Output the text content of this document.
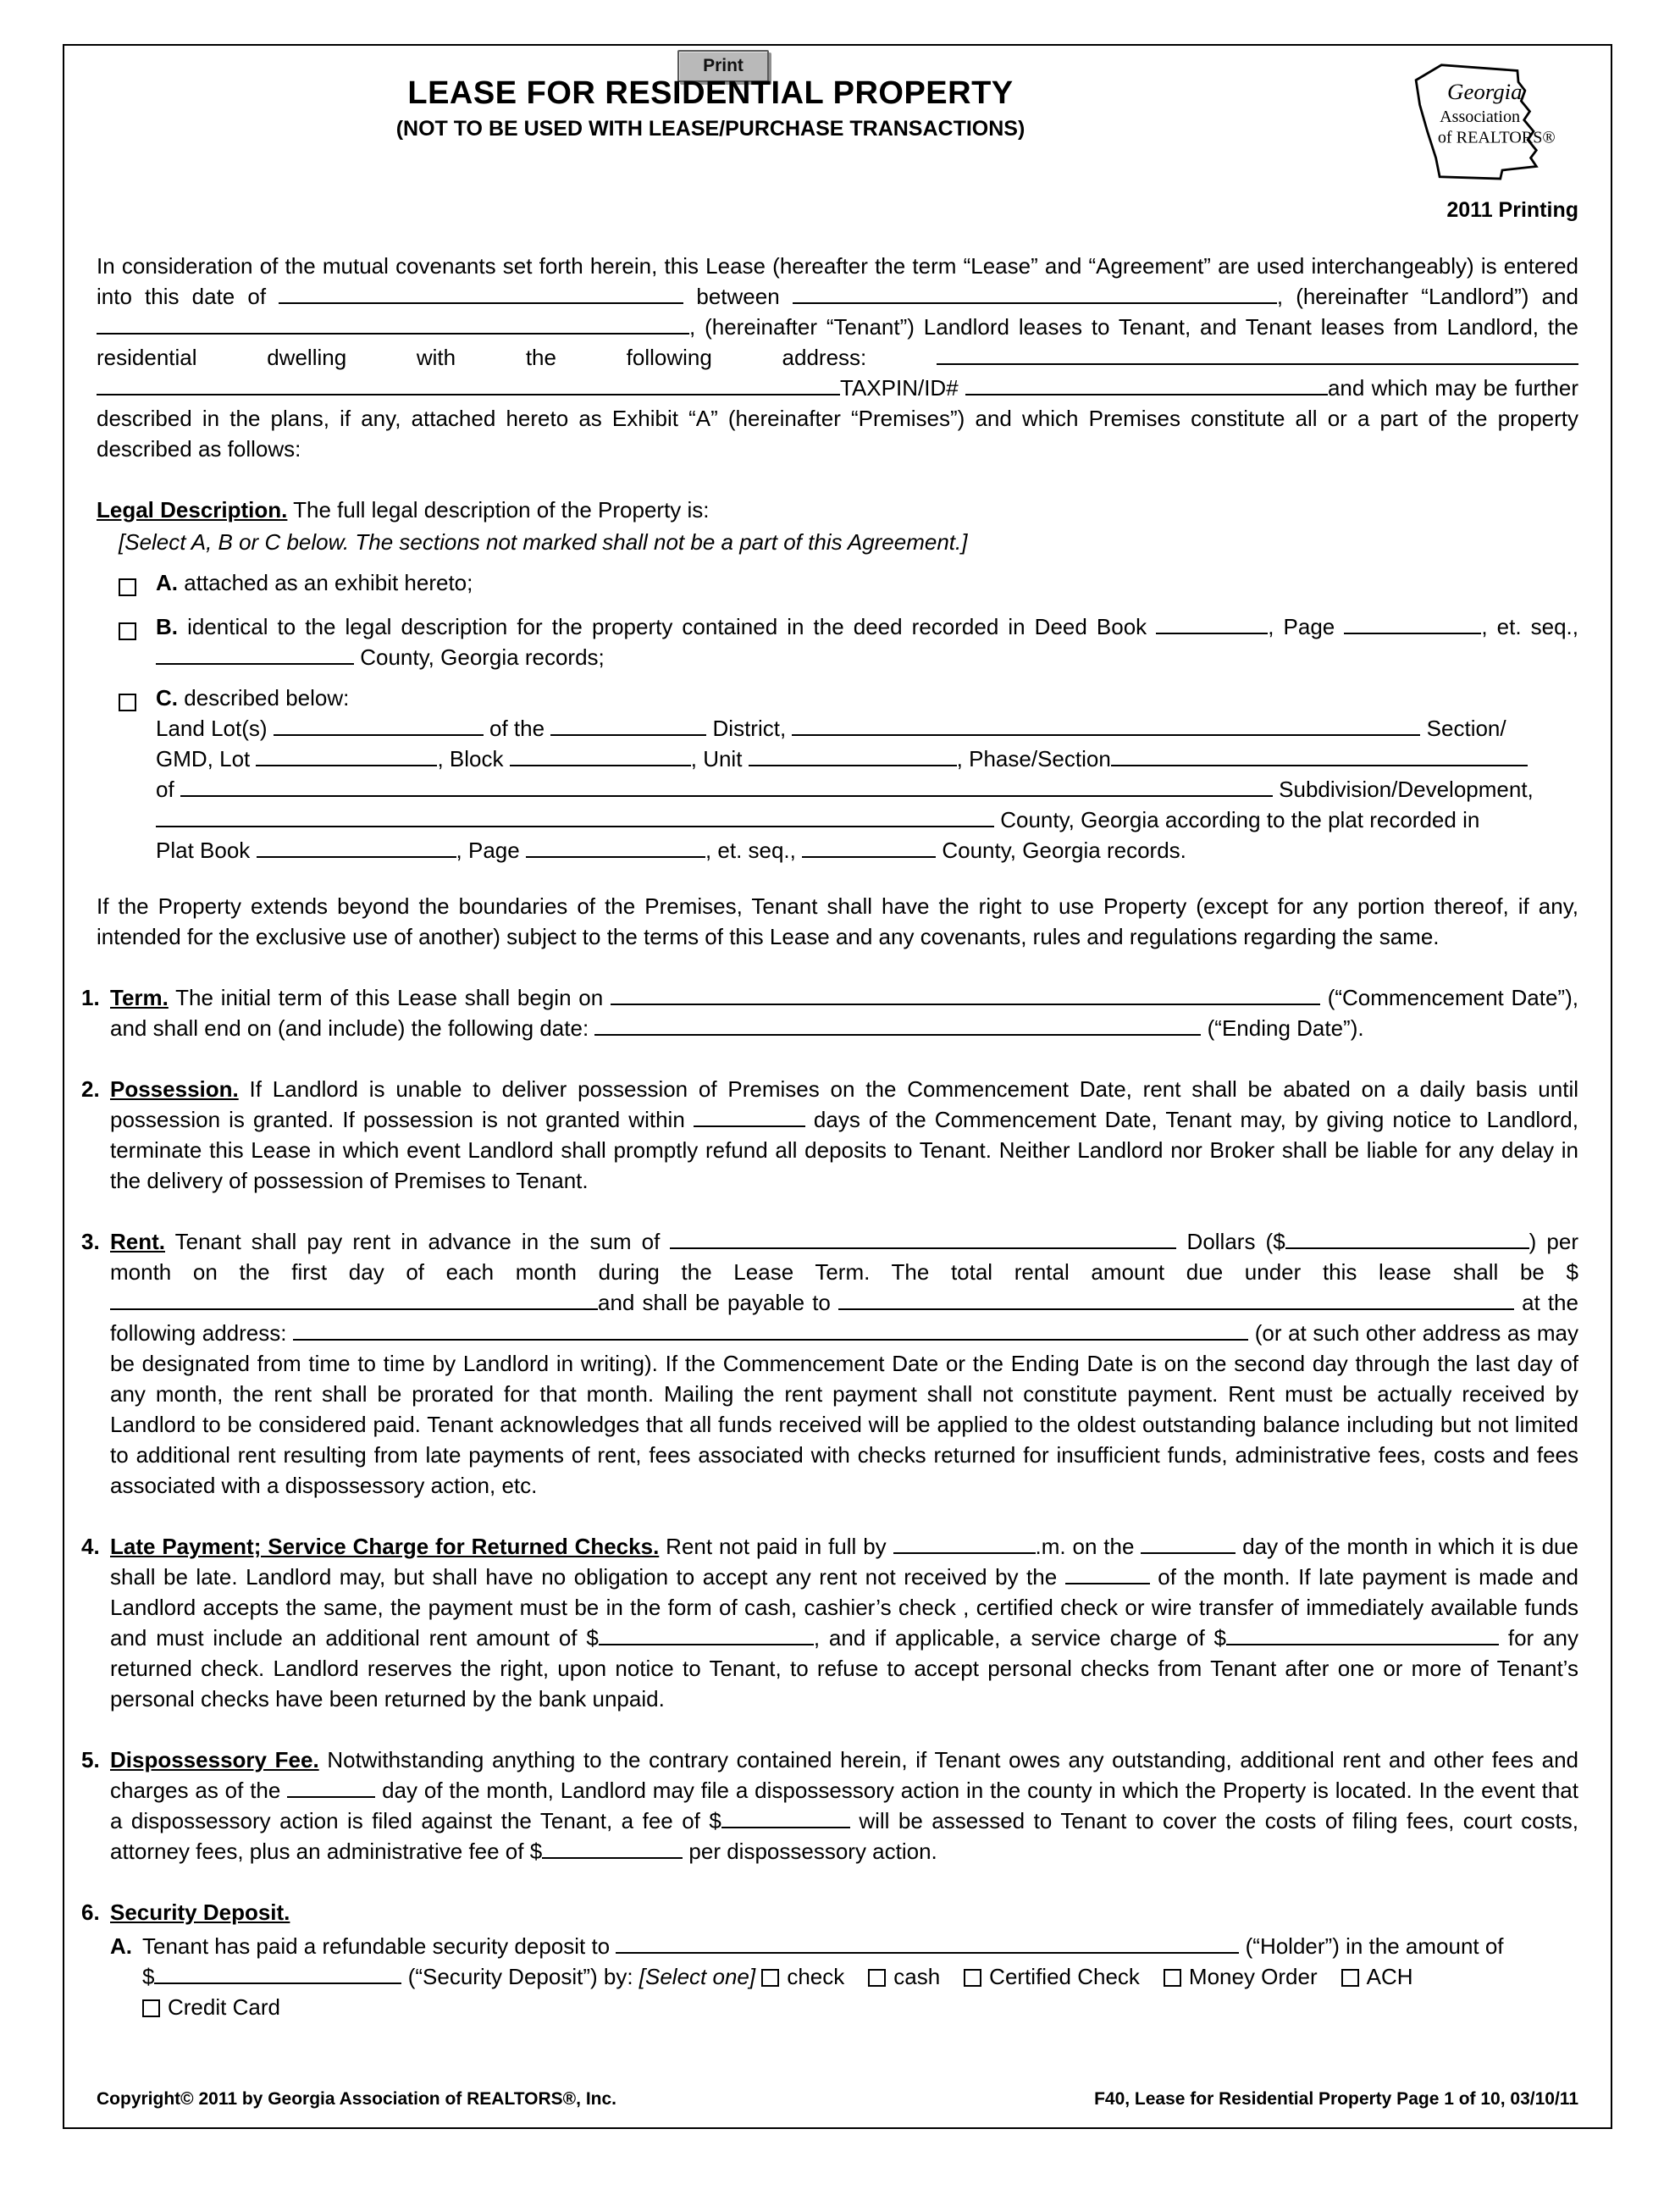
Print
LEASE FOR RESIDENTIAL PROPERTY
(NOT TO BE USED WITH LEASE/PURCHASE TRANSACTIONS)
Georgia
Association
of REALTORS®
2011 Printing

In consideration of the mutual covenants set forth herein, this Lease (hereafter the term “Lease” and “Agreement” are used interchangeably) is entered into this date of	between	, (hereinafter “Landlord”) and , (hereinafter “Tenant”) Landlord leases to Tenant, and Tenant leases from Landlord, the residential dwelling with the following address:  TAXPIN/ID#	and which may be further described in the plans, if any, attached hereto as Exhibit “A” (hereinafter “Premises”) and which Premises constitute all or a part of the property described as follows:

Legal Description. The full legal description of the Property is:

[Select A, B or C below. The sections not marked shall not be a part of this Agreement.]

A. attached as an exhibit hereto;
B. identical to the legal description for the property contained in the deed recorded in Deed Book	, Page	, et. seq.,  County, Georgia records;
C. described below:
Land Lot(s)	of the	District,	Section/
GMD, Lot	, Block	, Unit	, Phase/Section
of	Subdivision/Development,
County, Georgia according to the plat recorded in
Plat Book	, Page	, et. seq.,	County, Georgia records.

If the Property extends beyond the boundaries of the Premises, Tenant shall have the right to use Property (except for any portion thereof, if any, intended for the exclusive use of another) subject to the terms of this Lease and any covenants, rules and regulations regarding the same.

1. Term. The initial term of this Lease shall begin on	(“Commencement Date”), and shall end on (and include) the following date:	(“Ending Date”).
2. Possession. If Landlord is unable to deliver possession of Premises on the Commencement Date, rent shall be abated on a daily basis until possession is granted. If possession is not granted within	days of the Commencement Date, Tenant may, by giving notice to Landlord, terminate this Lease in which event Landlord shall promptly refund all deposits to Tenant. Neither Landlord nor Broker shall be liable for any delay in the delivery of possession of Premises to Tenant.
3. Rent. Tenant shall pay rent in advance in the sum of	Dollars ($	) per month on the first day of each month during the Lease Term. The total rental amount due under this lease shall be $and shall be payable to	at the following address:	(or at such other address as may be designated from time to time by Landlord in writing). If the Commencement Date or the Ending Date is on the second day through the last day of any month, the rent shall be prorated for that month. Mailing the rent payment shall not constitute payment. Rent must be actually received by Landlord to be considered paid. Tenant acknowledges that all funds received will be applied to the oldest outstanding balance including but not limited to additional rent resulting from late payments of rent, fees associated with checks returned for insufficient funds, administrative fees, costs and fees associated with a dispossessory action, etc.
4. Late Payment; Service Charge for Returned Checks. Rent not paid in full by	.m. on the	day of the month in which it is due shall be late. Landlord may, but shall have no obligation to accept any rent not received by the	of the month. If late payment is made and Landlord accepts the same, the payment must be in the form of cash, cashier’s check , certified check or wire transfer of immediately available funds and must include an additional rent amount of $	, and if applicable, a service charge of $	for any returned check. Landlord reserves the right, upon notice to Tenant, to refuse to accept personal checks from Tenant after one or more of Tenant’s personal checks have been returned by the bank unpaid.
5. Dispossessory Fee. Notwithstanding anything to the contrary contained herein, if Tenant owes any outstanding, additional rent and other fees and charges as of the	day of the month, Landlord may file a dispossessory action in the county in which the Property is located. In the event that a dispossessory action is filed against the Tenant, a fee of $	will be assessed to Tenant to cover the costs of filing fees, court costs, attorney fees, plus an administrative fee of $	per dispossessory action.
6. Security Deposit.
A. Tenant has paid a refundable security deposit to	(“Holder”) in the amount of
$	(“Security Deposit”) by: [Select one] check cash Certified Check Money Order ACH
Credit Card
Copyright© 2011 by Georgia Association of REALTORS®, Inc.	F40, Lease for Residential Property Page 1 of 10, 03/10/11
